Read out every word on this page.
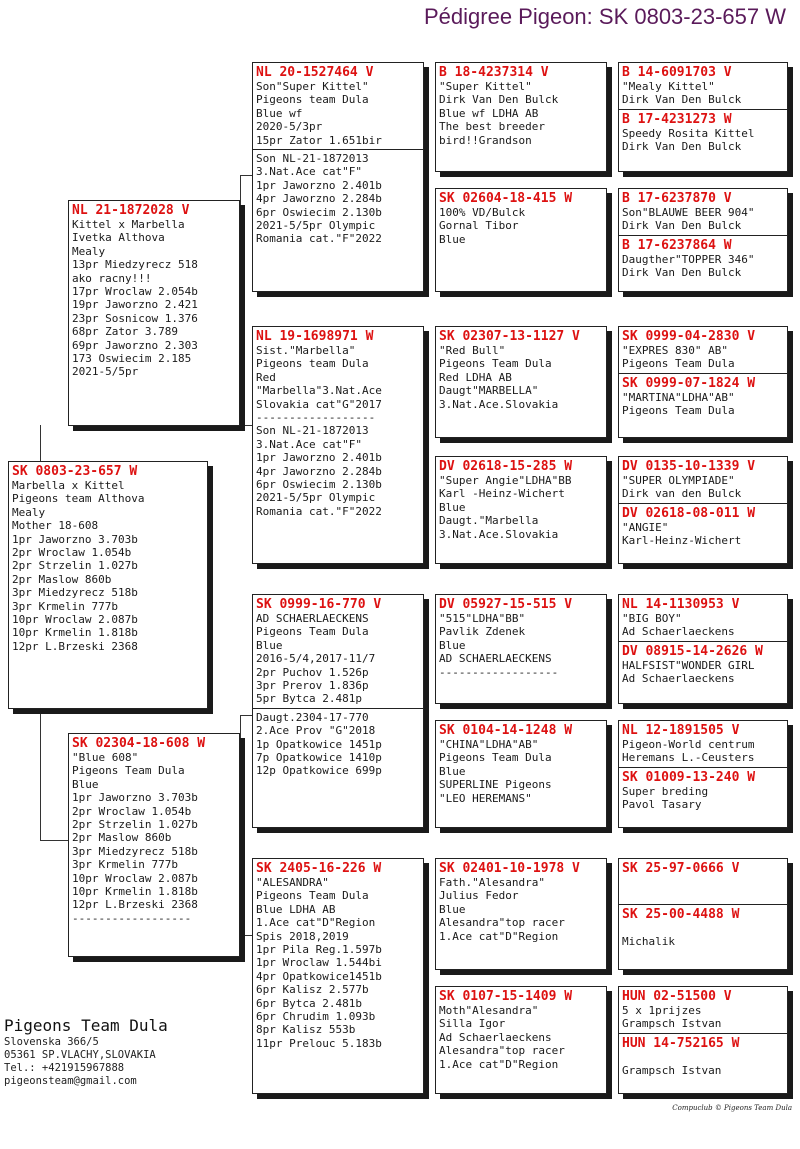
Pédigree Pigeon: SK 0803-23-657 W
SK 0803-23-657 W
Marbella x Kittel
Pigeons team Althova
Mealy
Mother 18-608
1pr Jaworzno 3.703b
2pr Wroclaw 1.054b
2pr Strzelin 1.027b
2pr Maslow 860b
3pr Miedzyrecz 518b
3pr Krmelin 777b
10pr Wroclaw 2.087b
10pr Krmelin 1.818b
12pr L.Brzeski 2368
NL 21-1872028 V
Kittel x Marbella
Ivetka Althova
Mealy
13pr Miedzyrecz 518
ako racny!!!
17pr Wroclaw 2.054b
19pr Jaworzno 2.421
23pr Sosnicow 1.376
68pr Zator 3.789
69pr Jaworzno 2.303
173 Oswiecim 2.185
2021-5/5pr
SK 02304-18-608 W
"Blue 608"
Pigeons Team Dula
Blue
1pr Jaworzno 3.703b
2pr Wroclaw 1.054b
2pr Strzelin 1.027b
2pr Maslow 860b
3pr Miedzyrecz 518b
3pr Krmelin 777b
10pr Wroclaw 2.087b
10pr Krmelin 1.818b
12pr L.Brzeski 2368
------------------
NL 20-1527464 V
Son"Super Kittel"
Pigeons team Dula
Blue wf
2020-5/3pr
15pr Zator 1.651bir
Son NL-21-1872013
3.Nat.Ace cat"F"
1pr Jaworzno 2.401b
4pr Jaworzno 2.284b
6pr Oswiecim 2.130b
2021-5/5pr Olympic
Romania cat."F"2022
NL 19-1698971 W
Sist."Marbella"
Pigeons team Dula
Red
"Marbella"3.Nat.Ace
Slovakia cat"G"2017
------------------
Son NL-21-1872013
3.Nat.Ace cat"F"
1pr Jaworzno 2.401b
4pr Jaworzno 2.284b
6pr Oswiecim 2.130b
2021-5/5pr Olympic
Romania cat."F"2022
SK 0999-16-770 V
AD SCHAERLAECKENS
Pigeons Team Dula
Blue
2016-5/4,2017-11/7
2pr Puchov 1.526p
3pr Prerov 1.836p
5pr Bytca 2.481p
Daugt.2304-17-770
2.Ace Prov "G"2018
1p Opatkowice 1451p
7p Opatkowice 1410p
12p Opatkowice 699p
SK 2405-16-226 W
"ALESANDRA"
Pigeons Team Dula
Blue LDHA AB
1.Ace cat"D"Region
Spis 2018,2019
1pr Pila Reg.1.597b
1pr Wroclaw 1.544bi
4pr Opatkowice1451b
6pr Kalisz 2.577b
6pr Bytca 2.481b
6pr Chrudim 1.093b
8pr Kalisz 553b
11pr Prelouc 5.183b
B 18-4237314 V
"Super Kittel"
Dirk Van Den Bulck
Blue wf LDHA AB
The best breeder
bird!!Grandson
SK 02604-18-415 W
100% VD/Bulck
Gornal Tibor
Blue
SK 02307-13-1127 V
"Red Bull"
Pigeons Team Dula
Red LDHA AB
Daugt"MARBELLA"
3.Nat.Ace.Slovakia
DV 02618-15-285 W
"Super Angie"LDHA"BB
Karl -Heinz-Wichert
Blue
Daugt."Marbella
3.Nat.Ace.Slovakia
DV 05927-15-515 V
"515"LDHA"BB"
Pavlik Zdenek
Blue
AD SCHAERLAECKENS
------------------
SK 0104-14-1248 W
"CHINA"LDHA"AB"
Pigeons Team Dula
Blue
SUPERLINE Pigeons
"LEO HEREMANS"
SK 02401-10-1978 V
Fath."Alesandra"
Julius Fedor
Blue
Alesandra"top racer
1.Ace cat"D"Region
SK 0107-15-1409 W
Moth"Alesandra"
Silla Igor
Ad Schaerlaeckens
Alesandra"top racer
1.Ace cat"D"Region
B 14-6091703 V
"Mealy Kittel"
Dirk Van Den Bulck
B 17-4231273 W
Speedy Rosita Kittel
Dirk Van Den Bulck
B 17-6237870 V
Son"BLAUWE BEER 904"
Dirk Van Den Bulck
B 17-6237864 W
Daugther"TOPPER 346"
Dirk Van Den Bulck
SK 0999-04-2830 V
"EXPRES 830" AB"
Pigeons Team Dula
SK 0999-07-1824 W
"MARTINA"LDHA"AB"
Pigeons Team Dula
DV 0135-10-1339 V
"SUPER OLYMPIADE"
Dirk van den Bulck
DV 02618-08-011 W
"ANGIE"
Karl-Heinz-Wichert
NL 14-1130953 V
"BIG BOY"
Ad Schaerlaeckens
DV 08915-14-2626 W
HALFSIST"WONDER GIRL
Ad Schaerlaeckens
NL 12-1891505 V
Pigeon-World centrum
Heremans L.-Ceusters
SK 01009-13-240 W
Super breding
Pavol Tasary
SK 25-97-0666 V
SK 25-00-4488 W

Michalik
HUN 02-51500 V
5 x 1prijzes
Grampsch Istvan
HUN 14-752165 W

Grampsch Istvan
Pigeons Team Dula
Slovenska 366/5
05361 SP.VLACHY,SLOVAKIA
Tel.: +421915967888
pigeonsteam@gmail.com
Compuclub © Pigeons Team Dula
